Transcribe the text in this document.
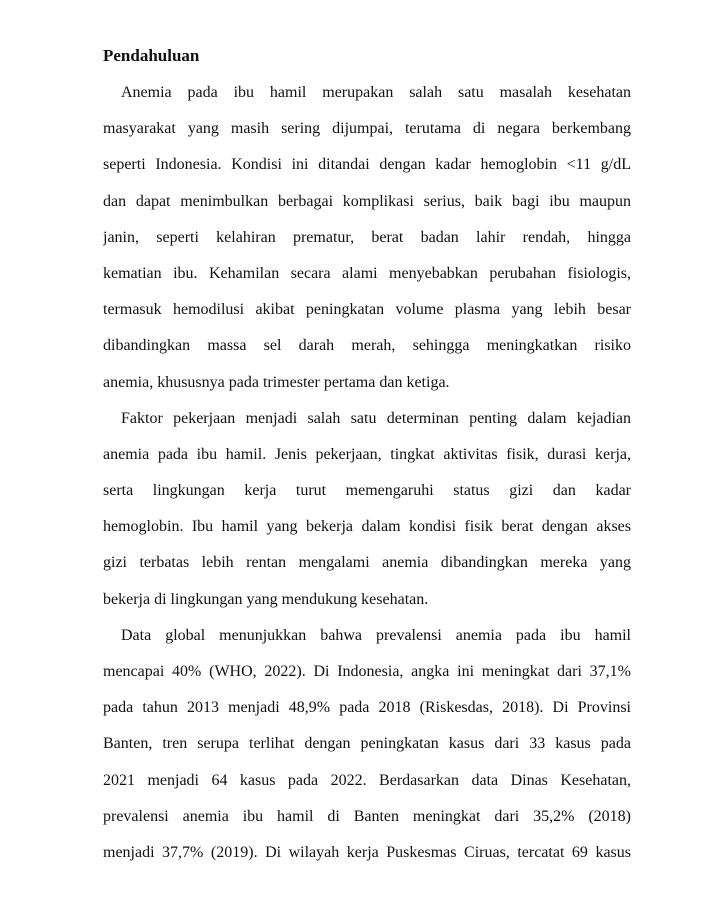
Pendahuluan
Anemia pada ibu hamil merupakan salah satu masalah kesehatan
masyarakat yang masih sering dijumpai, terutama di negara berkembang
seperti Indonesia. Kondisi ini ditandai dengan kadar hemoglobin <11 g/dL
dan dapat menimbulkan berbagai komplikasi serius, baik bagi ibu maupun
janin, seperti kelahiran prematur, berat badan lahir rendah, hingga
kematian ibu. Kehamilan secara alami menyebabkan perubahan fisiologis,
termasuk hemodilusi akibat peningkatan volume plasma yang lebih besar
dibandingkan massa sel darah merah, sehingga meningkatkan risiko
anemia, khususnya pada trimester pertama dan ketiga.
Faktor pekerjaan menjadi salah satu determinan penting dalam kejadian
anemia pada ibu hamil. Jenis pekerjaan, tingkat aktivitas fisik, durasi kerja,
serta lingkungan kerja turut memengaruhi status gizi dan kadar
hemoglobin. Ibu hamil yang bekerja dalam kondisi fisik berat dengan akses
gizi terbatas lebih rentan mengalami anemia dibandingkan mereka yang
bekerja di lingkungan yang mendukung kesehatan.
Data global menunjukkan bahwa prevalensi anemia pada ibu hamil
mencapai 40% (WHO, 2022). Di Indonesia, angka ini meningkat dari 37,1%
pada tahun 2013 menjadi 48,9% pada 2018 (Riskesdas, 2018). Di Provinsi
Banten, tren serupa terlihat dengan peningkatan kasus dari 33 kasus pada
2021 menjadi 64 kasus pada 2022. Berdasarkan data Dinas Kesehatan,
prevalensi anemia ibu hamil di Banten meningkat dari 35,2% (2018)
menjadi 37,7% (2019). Di wilayah kerja Puskesmas Ciruas, tercatat 69 kasus
